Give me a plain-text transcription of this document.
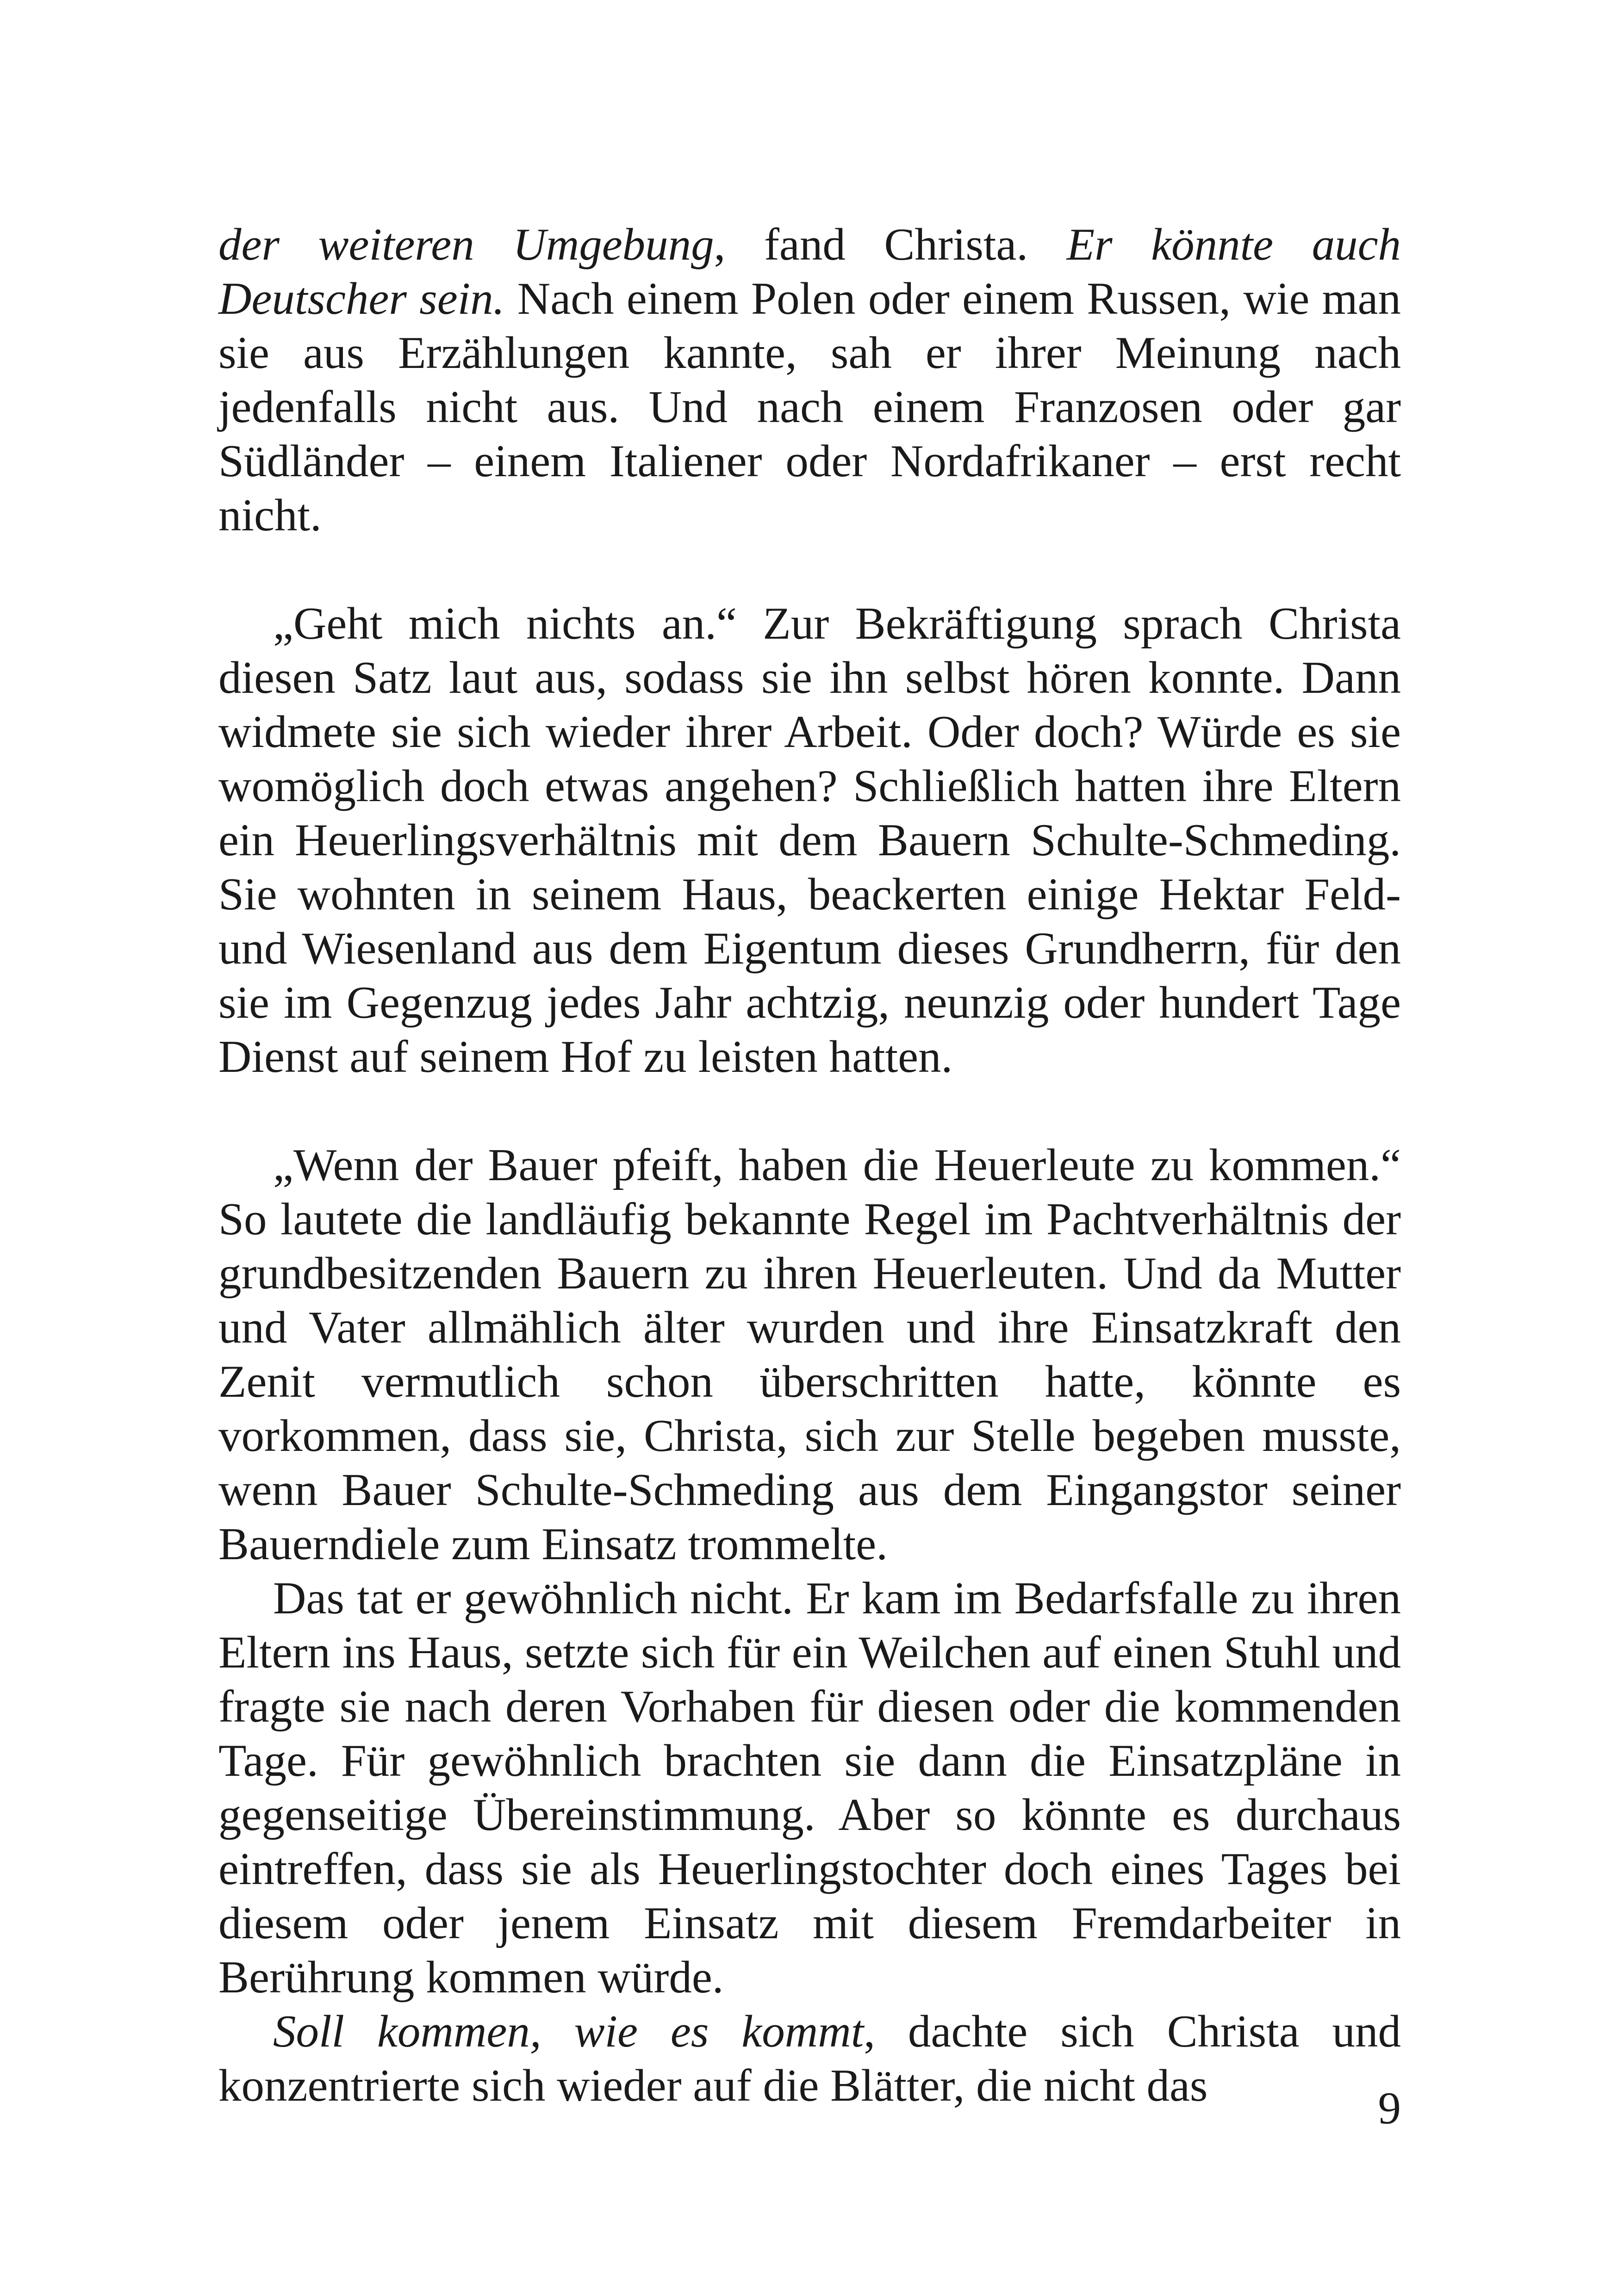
der weiteren Umgebung, fand Christa. Er könnte auch Deutscher sein. Nach einem Polen oder einem Russen, wie man sie aus Erzählungen kannte, sah er ihrer Meinung nach jedenfalls nicht aus. Und nach einem Franzosen oder gar Südländer – einem Italiener oder Nordafrikaner – erst recht nicht.

„Geht mich nichts an.“ Zur Bekräftigung sprach Christa diesen Satz laut aus, sodass sie ihn selbst hören konnte. Dann widmete sie sich wieder ihrer Arbeit. Oder doch? Würde es sie womöglich doch etwas angehen? Schließlich hatten ihre Eltern ein Heuerlingsverhältnis mit dem Bauern Schulte-Schmeding. Sie wohnten in seinem Haus, beackerten einige Hektar Feld- und Wiesenland aus dem Eigentum dieses Grundherrn, für den sie im Gegenzug jedes Jahr achtzig, neunzig oder hundert Tage Dienst auf seinem Hof zu leisten hatten.

„Wenn der Bauer pfeift, haben die Heuerleute zu kommen.“ So lautete die landläufig bekannte Regel im Pachtverhältnis der grundbesitzenden Bauern zu ihren Heuerleuten. Und da Mutter und Vater allmählich älter wurden und ihre Einsatzkraft den Zenit vermutlich schon überschritten hatte, könnte es vorkommen, dass sie, Christa, sich zur Stelle begeben musste, wenn Bauer Schulte-Schmeding aus dem Eingangstor seiner Bauerndiele zum Einsatz trommelte.

Das tat er gewöhnlich nicht. Er kam im Bedarfsfalle zu ihren Eltern ins Haus, setzte sich für ein Weilchen auf einen Stuhl und fragte sie nach deren Vorhaben für diesen oder die kommenden Tage. Für gewöhnlich brachten sie dann die Einsatzpläne in gegenseitige Übereinstimmung. Aber so könnte es durchaus eintreffen, dass sie als Heuerlingstochter doch eines Tages bei diesem oder jenem Einsatz mit diesem Fremdarbeiter in Berührung kommen würde.

Soll kommen, wie es kommt, dachte sich Christa und konzentrierte sich wieder auf die Blätter, die nicht das	9
